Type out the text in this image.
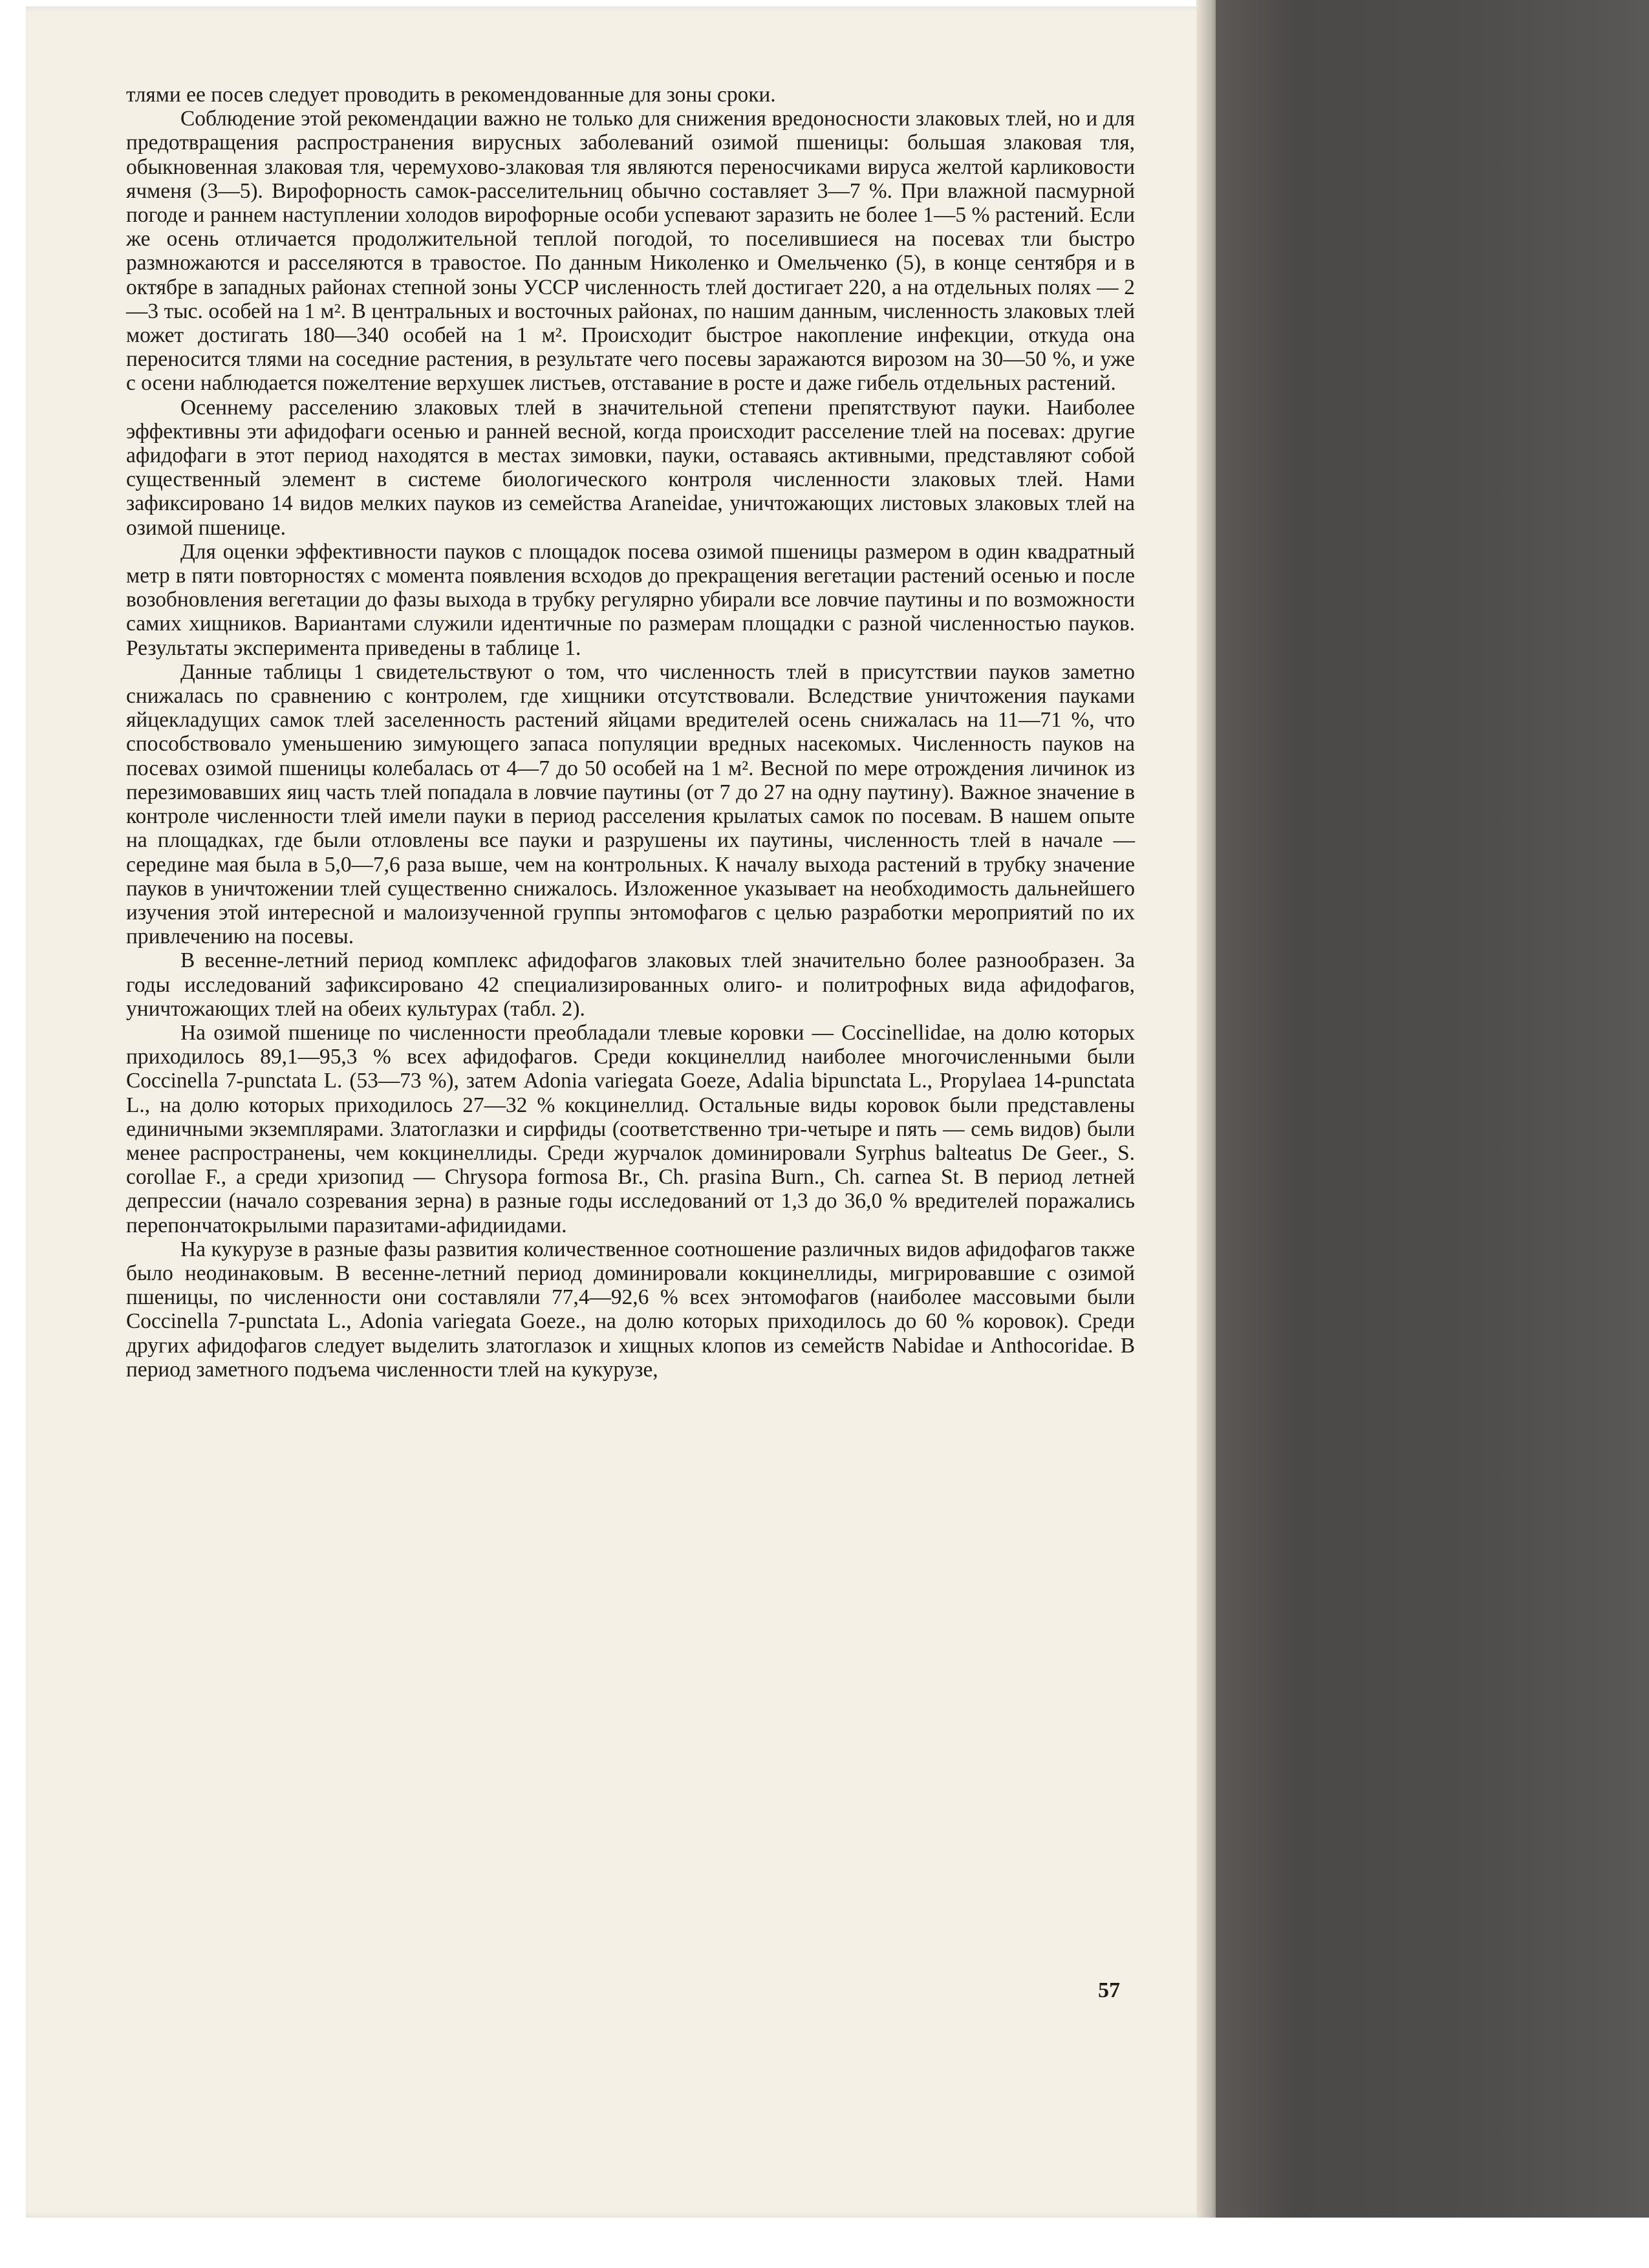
тлями ее посев следует проводить в рекомендованные для зоны сроки.

Соблюдение этой рекомендации важно не только для снижения вредоносности злаковых тлей, но и для предотвращения распространения вирусных заболеваний озимой пшеницы: большая злаковая тля, обыкновенная злаковая тля, черемухово-злаковая тля являются переносчиками вируса желтой карликовости ячменя (3—5). Вирофорность самок-расселительниц обычно составляет 3—7 %. При влажной пасмурной погоде и раннем наступлении холодов вирофорные особи успевают заразить не более 1—5 % растений. Если же осень отличается продолжительной теплой погодой, то поселившиеся на посевах тли быстро размножаются и расселяются в травостое. По данным Николенко и Омельченко (5), в конце сентября и в октябре в западных районах степной зоны УССР численность тлей достигает 220, а на отдельных полях — 2—3 тыс. особей на 1 м². В центральных и восточных районах, по нашим данным, численность злаковых тлей может достигать 180—340 особей на 1 м². Происходит быстрое накопление инфекции, откуда она переносится тлями на соседние растения, в результате чего посевы заражаются вирозом на 30—50 %, и уже с осени наблюдается пожелтение верхушек листьев, отставание в росте и даже гибель отдельных растений.

Осеннему расселению злаковых тлей в значительной степени препятствуют пауки. Наиболее эффективны эти афидофаги осенью и ранней весной, когда происходит расселение тлей на посевах: другие афидофаги в этот период находятся в местах зимовки, пауки, оставаясь активными, представляют собой существенный элемент в системе биологического контроля численности злаковых тлей. Нами зафиксировано 14 видов мелких пауков из семейства Araneidae, уничтожающих листовых злаковых тлей на озимой пшенице.

Для оценки эффективности пауков с площадок посева озимой пшеницы размером в один квадратный метр в пяти повторностях с момента появления всходов до прекращения вегетации растений осенью и после возобновления вегетации до фазы выхода в трубку регулярно убирали все ловчие паутины и по возможности самих хищников. Вариантами служили идентичные по размерам площадки с разной численностью пауков. Результаты эксперимента приведены в таблице 1.

Данные таблицы 1 свидетельствуют о том, что численность тлей в присутствии пауков заметно снижалась по сравнению с контролем, где хищники отсутствовали. Вследствие уничтожения пауками яйцекладущих самок тлей заселенность растений яйцами вредителей осень снижалась на 11—71 %, что способствовало уменьшению зимующего запаса популяции вредных насекомых. Численность пауков на посевах озимой пшеницы колебалась от 4—7 до 50 особей на 1 м². Весной по мере отрождения личинок из перезимовавших яиц часть тлей попадала в ловчие паутины (от 7 до 27 на одну паутину). Важное значение в контроле численности тлей имели пауки в период расселения крылатых самок по посевам. В нашем опыте на площадках, где были отловлены все пауки и разрушены их паутины, численность тлей в начале — середине мая была в 5,0—7,6 раза выше, чем на контрольных. К началу выхода растений в трубку значение пауков в уничтожении тлей существенно снижалось. Изложенное указывает на необходимость дальнейшего изучения этой интересной и малоизученной группы энтомофагов с целью разработки мероприятий по их привлечению на посевы.

В весенне-летний период комплекс афидофагов злаковых тлей значительно более разнообразен. За годы исследований зафиксировано 42 специализированных олиго- и политрофных вида афидофагов, уничтожающих тлей на обеих культурах (табл. 2).

На озимой пшенице по численности преобладали тлевые коровки — Coccinellidae, на долю которых приходилось 89,1—95,3 % всех афидофагов. Среди кокцинеллид наиболее многочисленными были Coccinella 7-punctata L. (53—73 %), затем Adonia variegata Goeze, Adalia bipunctata L., Propylaea 14-punctata L., на долю которых приходилось 27—32 % кокцинеллид. Остальные виды коровок были представлены единичными экземплярами. Златоглазки и сирфиды (соответственно три-четыре и пять — семь видов) были менее распространены, чем кокцинеллиды. Среди журчалок доминировали Syrphus balteatus De Geer., S. corollae F., а среди хризопид — Chrysopa formosa Br., Ch. prasina Burn., Ch. carnea St. В период летней депрессии (начало созревания зерна) в разные годы исследований от 1,3 до 36,0 % вредителей поражались перепончатокрылыми паразитами-афидиидами.

На кукурузе в разные фазы развития количественное соотношение различных видов афидофагов также было неодинаковым. В весенне-летний период доминировали кокцинеллиды, мигрировавшие с озимой пшеницы, по численности они составляли 77,4—92,6 % всех энтомофагов (наиболее массовыми были Coccinella 7-punctata L., Adonia variegata Goeze., на долю которых приходилось до 60 % коровок). Среди других афидофагов следует выделить златоглазок и хищных клопов из семейств Nabidae и Anthocoridae. В период заметного подъема численности тлей на кукурузе,

57
